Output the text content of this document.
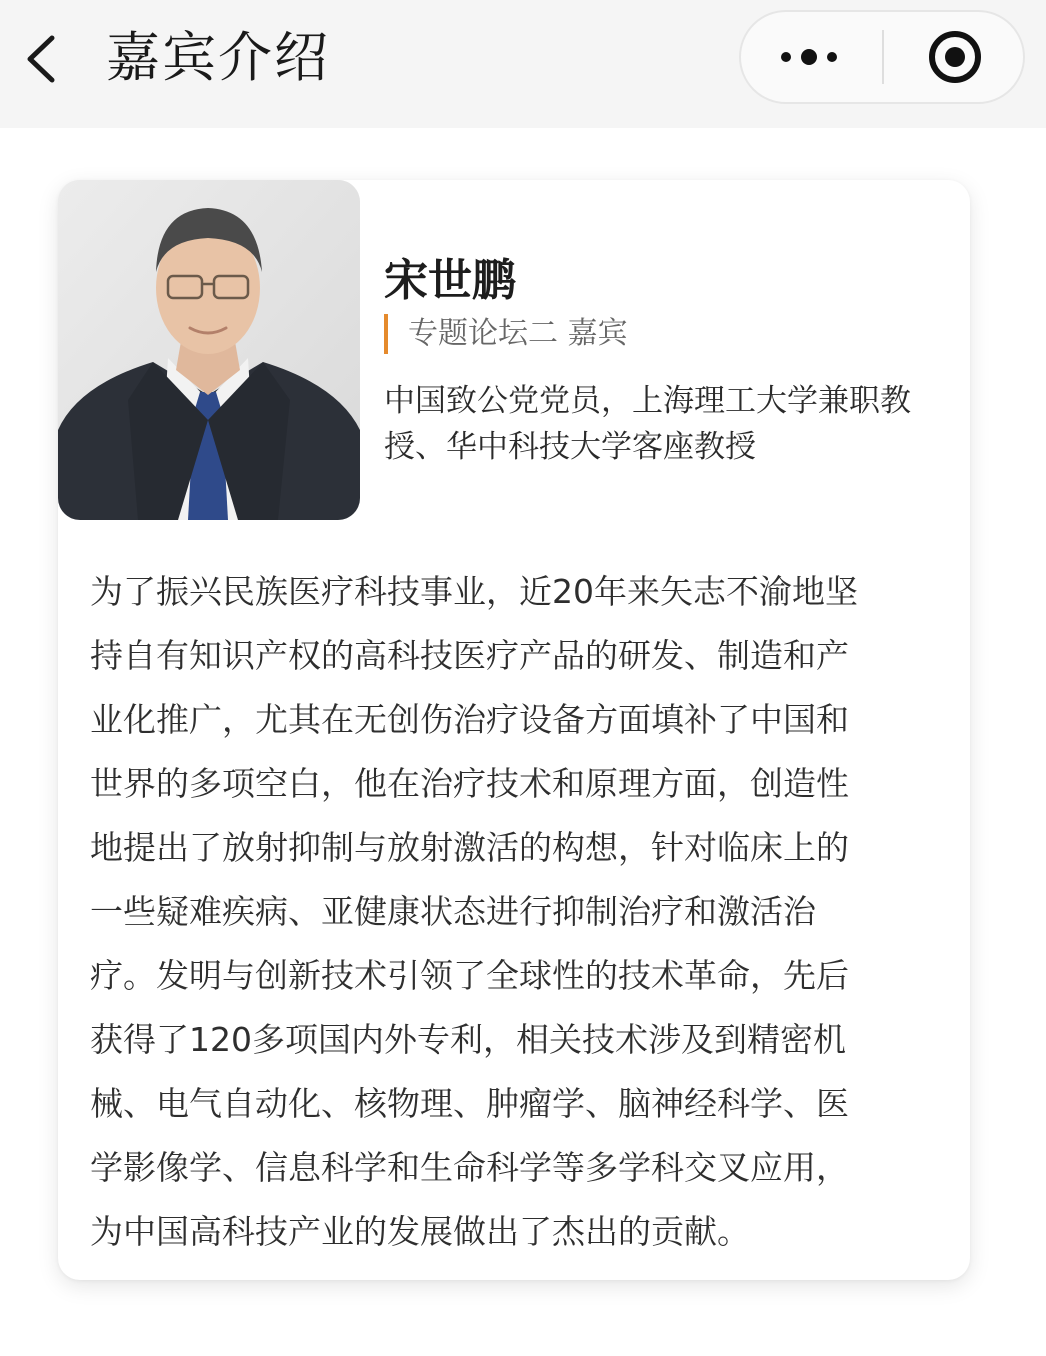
嘉宾介绍
宋世鹏
专题论坛二 嘉宾
中国致公党党员，上海理工大学兼职教
授、华中科技大学客座教授
为了振兴民族医疗科技事业，近20年来矢志不渝地坚
持自有知识产权的高科技医疗产品的研发、制造和产
业化推广，尤其在无创伤治疗设备方面填补了中国和
世界的多项空白，他在治疗技术和原理方面，创造性
地提出了放射抑制与放射激活的构想，针对临床上的
一些疑难疾病、亚健康状态进行抑制治疗和激活治
疗。发明与创新技术引领了全球性的技术革命，先后
获得了120多项国内外专利，相关技术涉及到精密机
械、电气自动化、核物理、肿瘤学、脑神经科学、医
学影像学、信息科学和生命科学等多学科交叉应用，
为中国高科技产业的发展做出了杰出的贡献。
